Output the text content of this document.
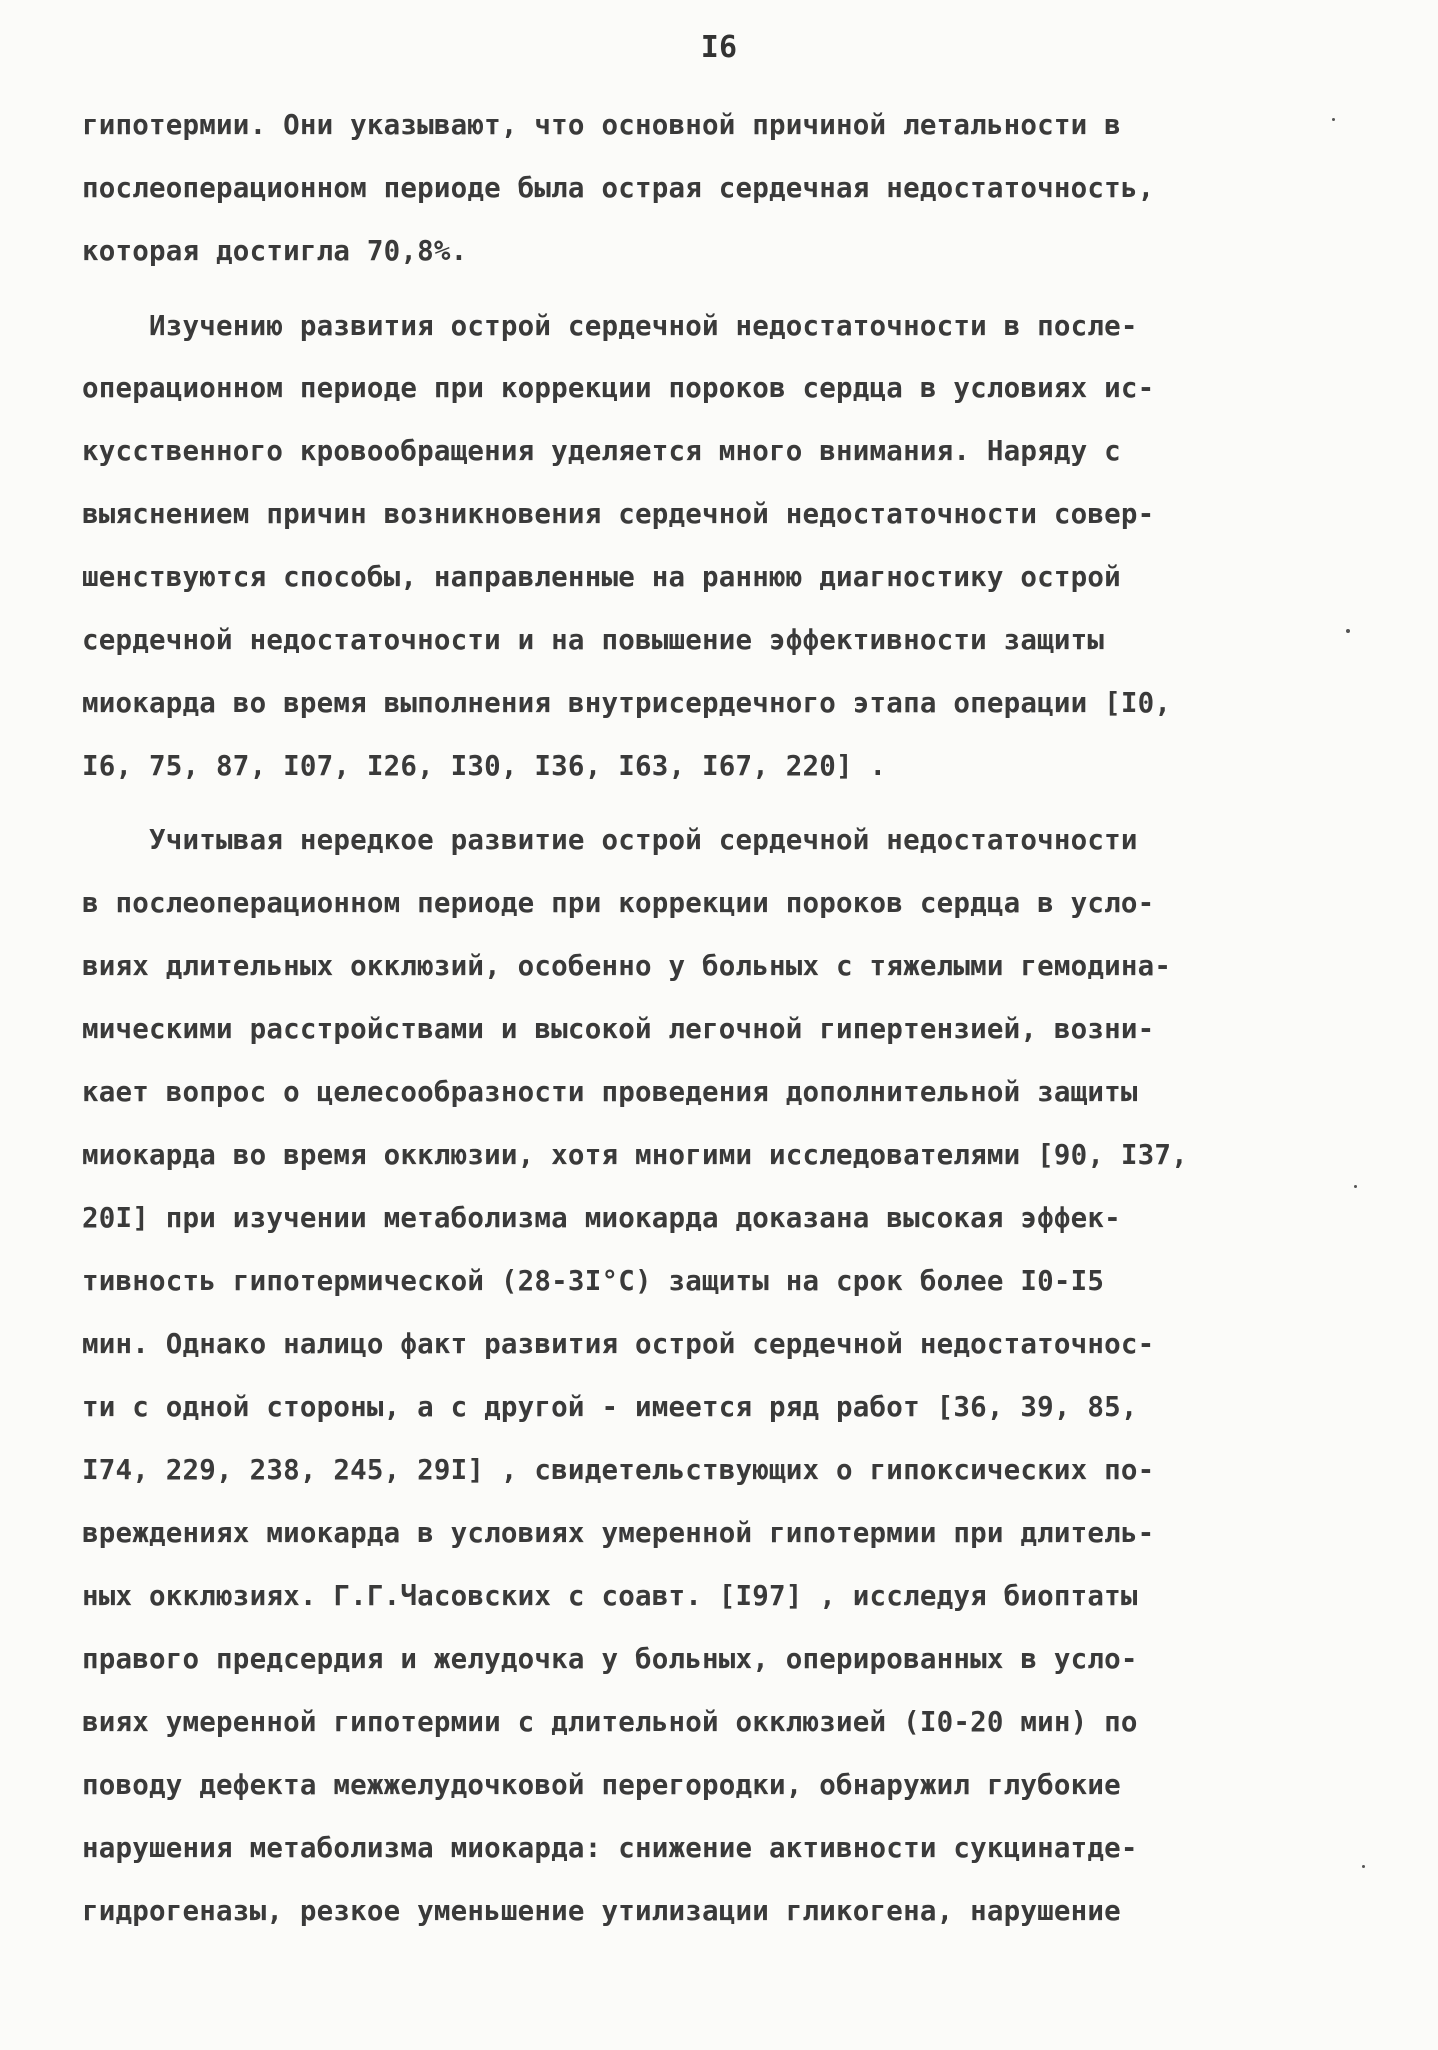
I6
гипотермии. Они указывают, что основной причиной летальности в
послеоперационном периоде была острая сердечная недостаточность,
которая достигла 70,8%.
Изучению развития острой сердечной недостаточности в после-
операционном периоде при коррекции пороков сердца в условиях ис-
кусственного кровообращения уделяется много внимания. Наряду с
выяснением причин возникновения сердечной недостаточности совер-
шенствуются способы, направленные на раннюю диагностику острой
сердечной недостаточности и на повышение эффективности защиты
миокарда во время выполнения внутрисердечного этапа операции [I0,
I6, 75, 87, I07, I26, I30, I36, I63, I67, 220] .
Учитывая нередкое развитие острой сердечной недостаточности
в послеоперационном периоде при коррекции пороков сердца в усло-
виях длительных окклюзий, особенно у больных с тяжелыми гемодина-
мическими расстройствами и высокой легочной гипертензией, возни-
кает вопрос о целесообразности проведения дополнительной защиты
миокарда во время окклюзии, хотя многими исследователями [90, I37,
20I] при изучении метаболизма миокарда доказана высокая эффек-
тивность гипотермической (28-3I°С) защиты на срок более I0-I5
мин. Однако налицо факт развития острой сердечной недостаточнос-
ти с одной стороны, а с другой - имеется ряд работ [36, 39, 85,
I74, 229, 238, 245, 29I] , свидетельствующих о гипоксических по-
вреждениях миокарда в условиях умеренной гипотермии при длитель-
ных окклюзиях. Г.Г.Часовских с соавт. [I97] , исследуя биоптаты
правого предсердия и желудочка у больных, оперированных в усло-
виях умеренной гипотермии с длительной окклюзией (I0-20 мин) по
поводу дефекта межжелудочковой перегородки, обнаружил глубокие
нарушения метаболизма миокарда: снижение активности сукцинатде-
гидрогеназы, резкое уменьшение утилизации гликогена, нарушение
